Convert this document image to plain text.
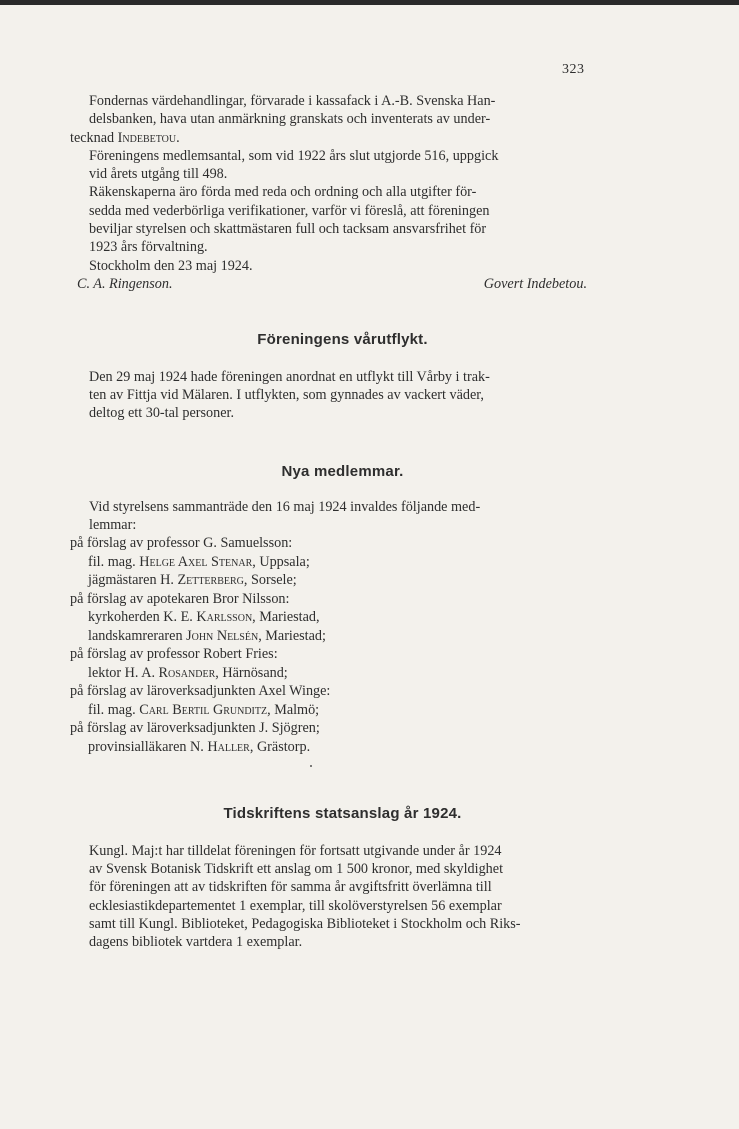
323

Fondernas värdehandlingar, förvarade i kassafack i A.-B. Svenska Han-
delsbanken, hava utan anmärkning granskats och inventerats av under-
tecknad Indebetou.

Föreningens medlemsantal, som vid 1922 års slut utgjorde 516, uppgick
vid årets utgång till 498.

Räkenskaperna äro förda med reda och ordning och alla utgifter för-
sedda med vederbörliga verifikationer, varför vi föreslå, att föreningen
beviljar styrelsen och skattmästaren full och tacksam ansvarsfrihet för
1923 års förvaltning.

Stockholm den 23 maj 1924.
C. A. Ringenson.	Govert Indebetou.
Föreningens vårutflykt.

Den 29 maj 1924 hade föreningen anordnat en utflykt till Vårby i trak-
ten av Fittja vid Mälaren. I utflykten, som gynnades av vackert väder,
deltog ett 30-tal personer.

Nya medlemmar.

Vid styrelsens sammanträde den 16 maj 1924 invaldes följande med-
lemmar:

på förslag av professor G. Samuelsson:
fil. mag. Helge Axel Stenar, Uppsala;
jägmästaren H. Zetterberg, Sorsele;
på förslag av apotekaren Bror Nilsson:
kyrkoherden K. E. Karlsson, Mariestad,
landskamreraren John Nelsén, Mariestad;
på förslag av professor Robert Fries:
lektor H. A. Rosander, Härnösand;
på förslag av läroverksadjunkten Axel Winge:
fil. mag. Carl Bertil Grunditz, Malmö;
på förslag av läroverksadjunkten J. Sjögren;
provinsialläkaren N. Haller, Grästorp.
Tidskriftens statsanslag år 1924.

Kungl. Maj:t har tilldelat föreningen för fortsatt utgivande under år 1924
av Svensk Botanisk Tidskrift ett anslag om 1 500 kronor, med skyldighet
för föreningen att av tidskriften för samma år avgiftsfritt överlämna till
ecklesiastikdepartementet 1 exemplar, till skolöverstyrelsen 56 exemplar
samt till Kungl. Biblioteket, Pedagogiska Biblioteket i Stockholm och Riks-
dagens bibliotek vartdera 1 exemplar.
